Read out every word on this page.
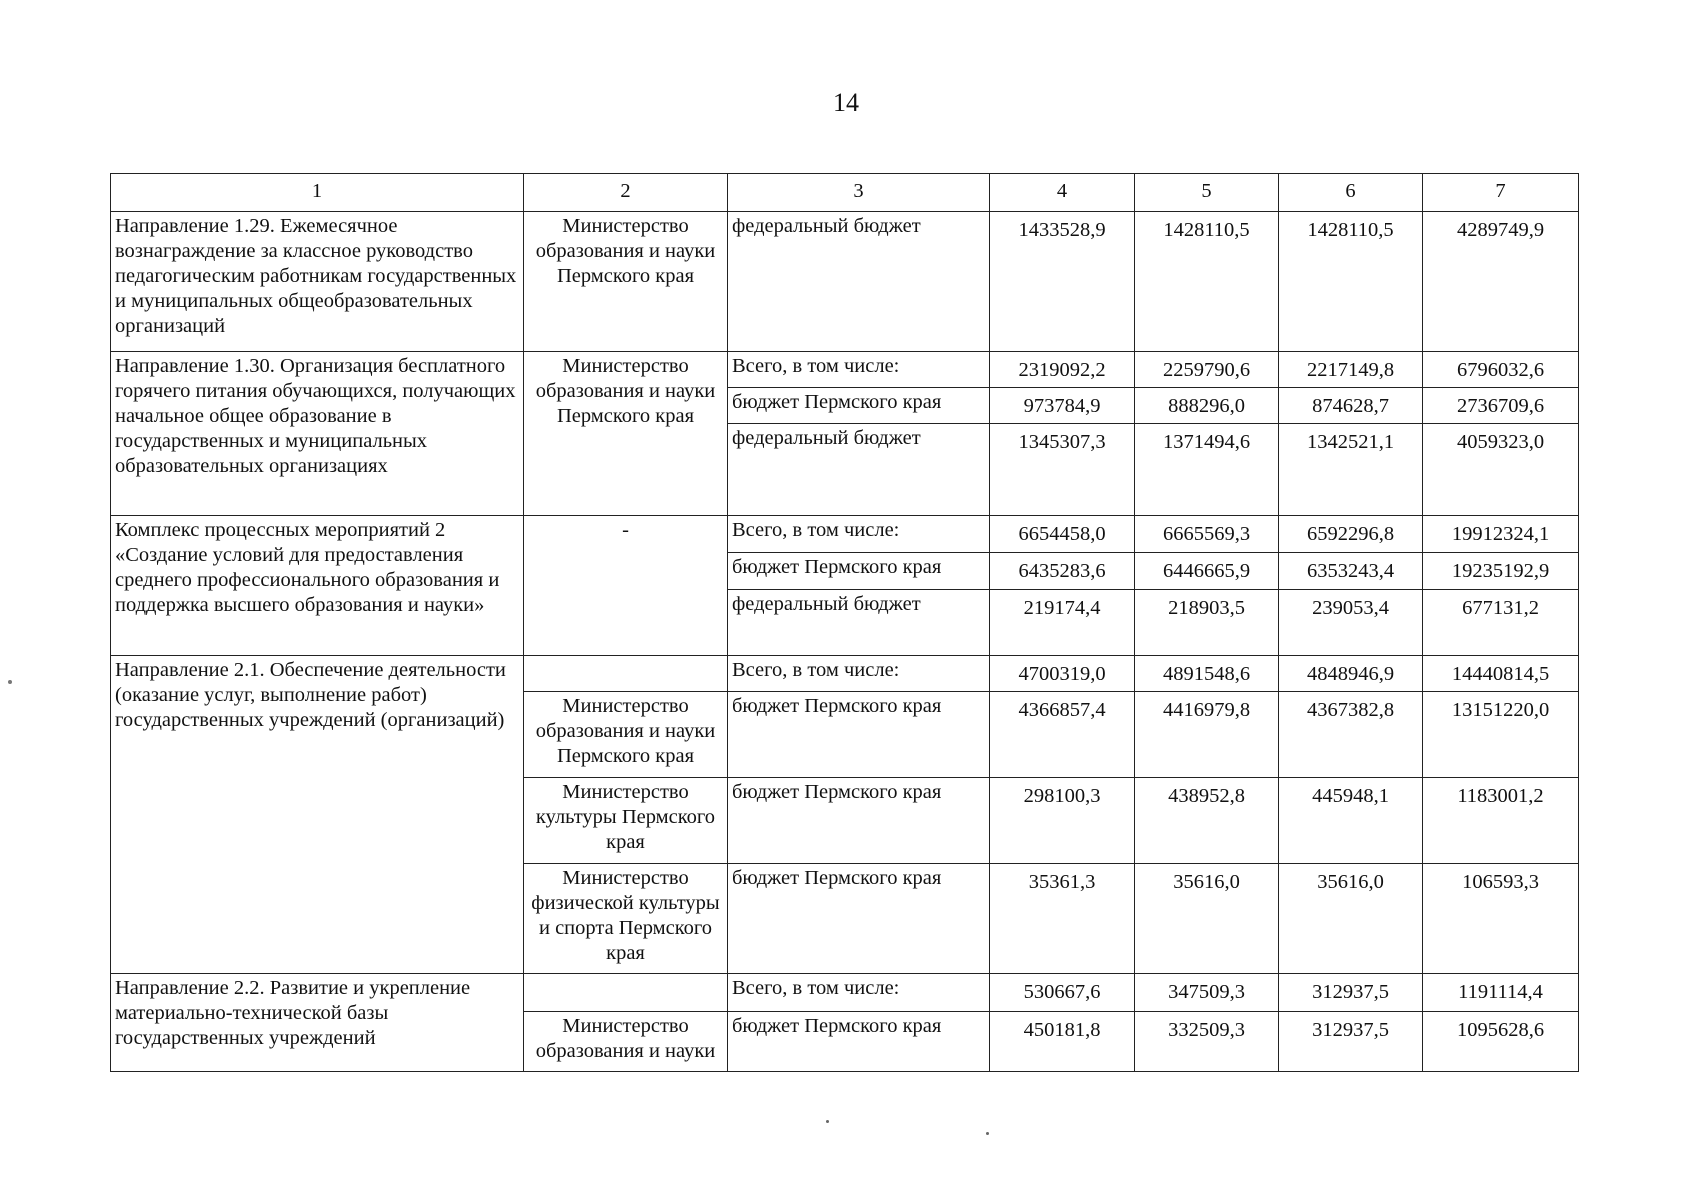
14
1	2	3	4	5	6	7
Направление 1.29. Ежемесячное вознаграждение за классное руководство педагогическим работникам государственных и муниципальных общеобразовательных организаций	Министерство образования и науки Пермского края	федеральный бюджет	1433528,9	1428110,5	1428110,5	4289749,9
Направление 1.30. Организация бесплатного горячего питания обучающихся, получающих начальное общее образование в государственных и муниципальных образовательных организациях	Министерство образования и науки Пермского края	Всего, в том числе:	2319092,2	2259790,6	2217149,8	6796032,6
		бюджет Пермского края	973784,9	888296,0	874628,7	2736709,6
		федеральный бюджет	1345307,3	1371494,6	1342521,1	4059323,0
Комплекс процессных мероприятий 2 «Создание условий для предоставления среднего профессионального образования и поддержка высшего образования и науки»	-	Всего, в том числе:	6654458,0	6665569,3	6592296,8	19912324,1
		бюджет Пермского края	6435283,6	6446665,9	6353243,4	19235192,9
		федеральный бюджет	219174,4	218903,5	239053,4	677131,2
Направление 2.1. Обеспечение деятельности (оказание услуг, выполнение работ) государственных учреждений (организаций)		Всего, в том числе:	4700319,0	4891548,6	4848946,9	14440814,5
	Министерство образования и науки Пермского края	бюджет Пермского края	4366857,4	4416979,8	4367382,8	13151220,0
	Министерство культуры Пермского края	бюджет Пермского края	298100,3	438952,8	445948,1	1183001,2
	Министерство физической культуры и спорта Пермского края	бюджет Пермского края	35361,3	35616,0	35616,0	106593,3
Направление 2.2. Развитие и укрепление материально-технической базы государственных учреждений		Всего, в том числе:	530667,6	347509,3	312937,5	1191114,4
	Министерство образования и науки	бюджет Пермского края	450181,8	332509,3	312937,5	1095628,6
